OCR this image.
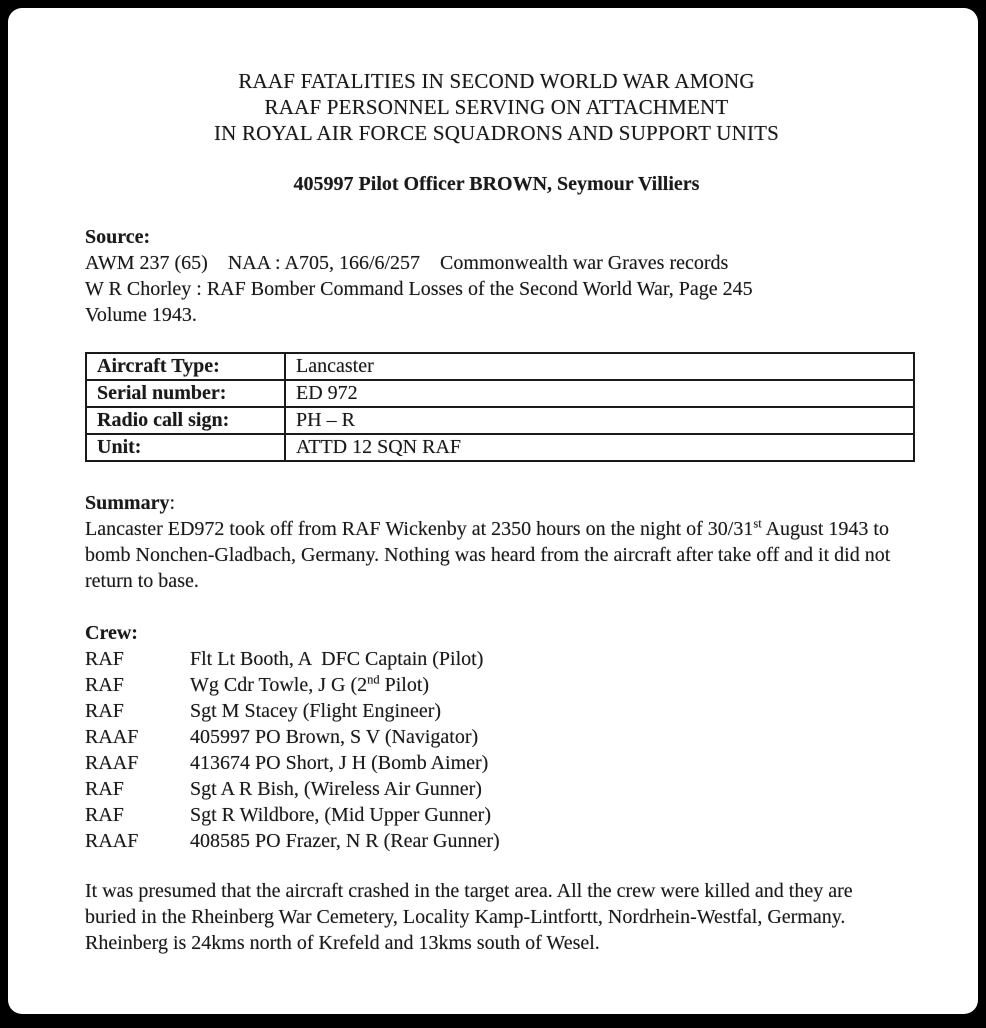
RAAF FATALITIES IN SECOND WORLD WAR AMONG
RAAF PERSONNEL SERVING ON ATTACHMENT
IN ROYAL AIR FORCE SQUADRONS AND SUPPORT UNITS
405997 Pilot Officer BROWN, Seymour Villiers
Source:
AWM 237 (65)    NAA : A705, 166/6/257    Commonwealth war Graves records
W R Chorley : RAF Bomber Command Losses of the Second World War, Page 245
Volume 1943.
Aircraft Type:	Lancaster
Serial number:	ED 972
Radio call sign:	PH – R
Unit:	ATTD 12 SQN RAF
Summary:
Lancaster ED972 took off from RAF Wickenby at 2350 hours on the night of 30/31st August 1943 to bomb Nonchen-Gladbach, Germany. Nothing was heard from the aircraft after take off and it did not return to base.
Crew:
RAF	Flt Lt Booth, A  DFC Captain (Pilot)
RAF	Wg Cdr Towle, J G (2nd Pilot)
RAF	Sgt M Stacey (Flight Engineer)
RAAF	405997 PO Brown, S V (Navigator)
RAAF	413674 PO Short, J H (Bomb Aimer)
RAF	Sgt A R Bish, (Wireless Air Gunner)
RAF	Sgt R Wildbore, (Mid Upper Gunner)
RAAF	408585 PO Frazer, N R (Rear Gunner)
It was presumed that the aircraft crashed in the target area. All the crew were killed and they are buried in the Rheinberg War Cemetery, Locality Kamp-Lintfortt, Nordrhein-Westfal, Germany. Rheinberg is 24kms north of Krefeld and 13kms south of Wesel.
